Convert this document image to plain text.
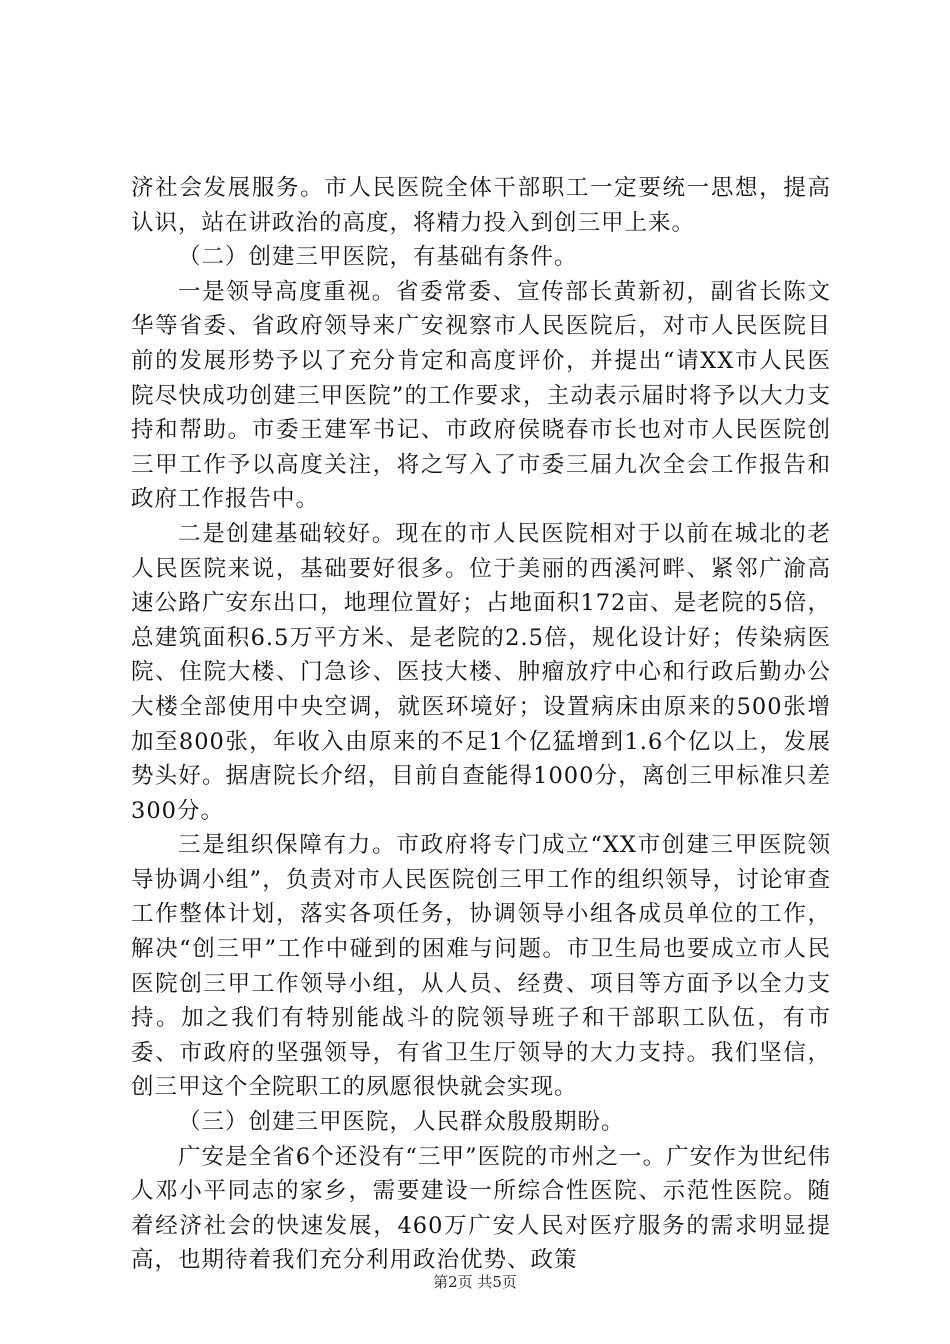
济社会发展服务。市人民医院全体干部职工一定要统一思想，提高认识，站在讲政治的高度，将精力投入到创三甲上来。

（二）创建三甲医院，有基础有条件。

一是领导高度重视。省委常委、宣传部长黄新初，副省长陈文华等省委、省政府领导来广安视察市人民医院后，对市人民医院目前的发展形势予以了充分肯定和高度评价，并提出“请XX市人民医院尽快成功创建三甲医院”的工作要求，主动表示届时将予以大力支持和帮助。市委王建军书记、市政府侯晓春市长也对市人民医院创三甲工作予以高度关注，将之写入了市委三届九次全会工作报告和政府工作报告中。

二是创建基础较好。现在的市人民医院相对于以前在城北的老人民医院来说，基础要好很多。位于美丽的西溪河畔、紧邻广渝高速公路广安东出口，地理位置好；占地面积172亩、是老院的5倍，总建筑面积6.5万平方米、是老院的2.5倍，规化设计好；传染病医院、住院大楼、门急诊、医技大楼、肿瘤放疗中心和行政后勤办公大楼全部使用中央空调，就医环境好；设置病床由原来的500张增加至800张，年收入由原来的不足1个亿猛增到1.6个亿以上，发展势头好。据唐院长介绍，目前自查能得1000分，离创三甲标准只差300分。

三是组织保障有力。市政府将专门成立“XX市创建三甲医院领导协调小组”，负责对市人民医院创三甲工作的组织领导，讨论审查工作整体计划，落实各项任务，协调领导小组各成员单位的工作，解决“创三甲”工作中碰到的困难与问题。市卫生局也要成立市人民医院创三甲工作领导小组，从人员、经费、项目等方面予以全力支持。加之我们有特别能战斗的院领导班子和干部职工队伍，有市委、市政府的坚强领导，有省卫生厅领导的大力支持。我们坚信，创三甲这个全院职工的夙愿很快就会实现。

（三）创建三甲医院，人民群众殷殷期盼。

广安是全省6个还没有“三甲”医院的市州之一。广安作为世纪伟人邓小平同志的家乡，需要建设一所综合性医院、示范性医院。随着经济社会的快速发展，460万广安人民对医疗服务的需求明显提高，也期待着我们充分利用政治优势、政策

第2页 共5页
